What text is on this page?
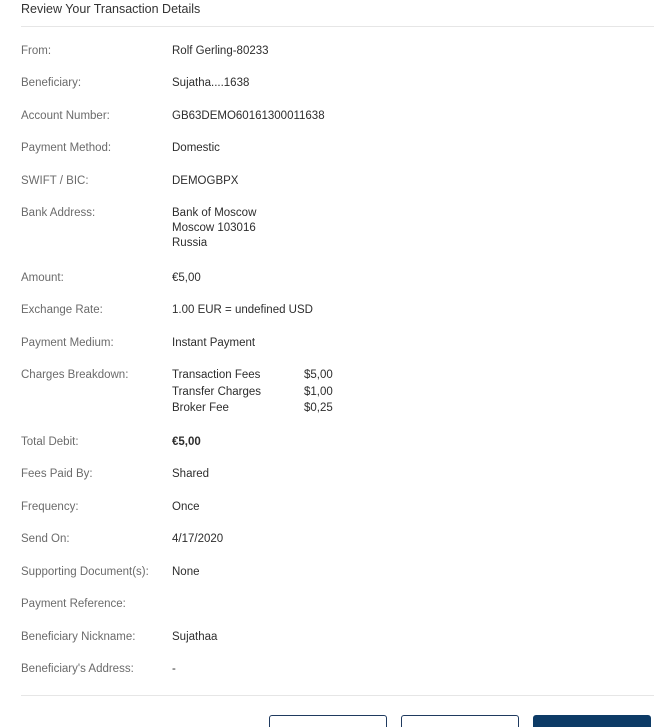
Review Your Transaction Details
From:	Rolf Gerling-80233
Beneficiary:	Sujatha....1638
Account Number:	GB63DEMO60161300011638
Payment Method:	Domestic
SWIFT / BIC:	DEMOGBPX
Bank Address:	Bank of Moscow
Moscow 103016
Russia
Amount:	€5,00
Exchange Rate:	1.00 EUR = undefined USD
Payment Medium:	Instant Payment
Charges Breakdown:	Transaction Fees	$5,00
Transfer Charges	$1,00
Broker Fee	$0,25
Total Debit:	€5,00
Fees Paid By:	Shared
Frequency:	Once
Send On:	4/17/2020
Supporting Document(s): None
Payment Reference:
Beneficiary Nickname:	Sujathaa
Beneficiary's Address:	-
